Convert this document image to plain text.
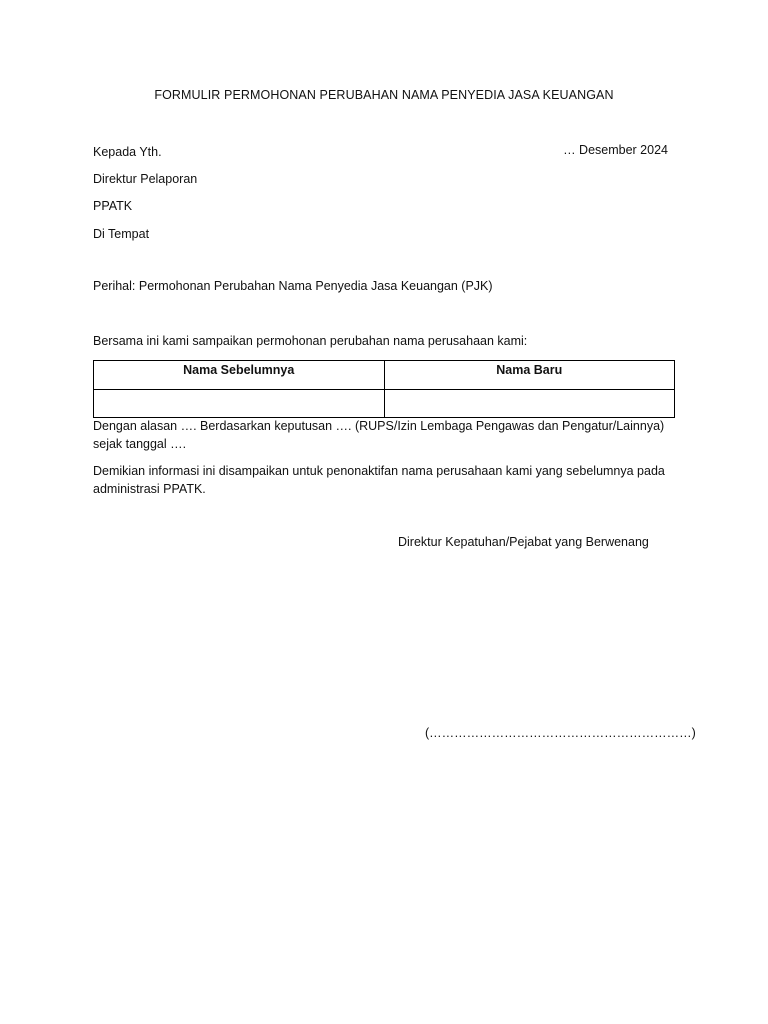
FORMULIR PERMOHONAN PERUBAHAN NAMA PENYEDIA JASA KEUANGAN
Kepada Yth.	… Desember 2024
Direktur Pelaporan
PPATK
Di Tempat
Perihal: Permohonan Perubahan Nama Penyedia Jasa Keuangan (PJK)
Bersama ini kami sampaikan permohonan perubahan nama perusahaan kami:
Nama Sebelumnya	Nama Baru

Dengan alasan …. Berdasarkan keputusan …. (RUPS/Izin Lembaga Pengawas dan Pengatur/Lainnya) sejak tanggal ….
Demikian informasi ini disampaikan untuk penonaktifan nama perusahaan kami yang sebelumnya pada administrasi PPATK.
Direktur Kepatuhan/Pejabat yang Berwenang
(………………………………………………………)
